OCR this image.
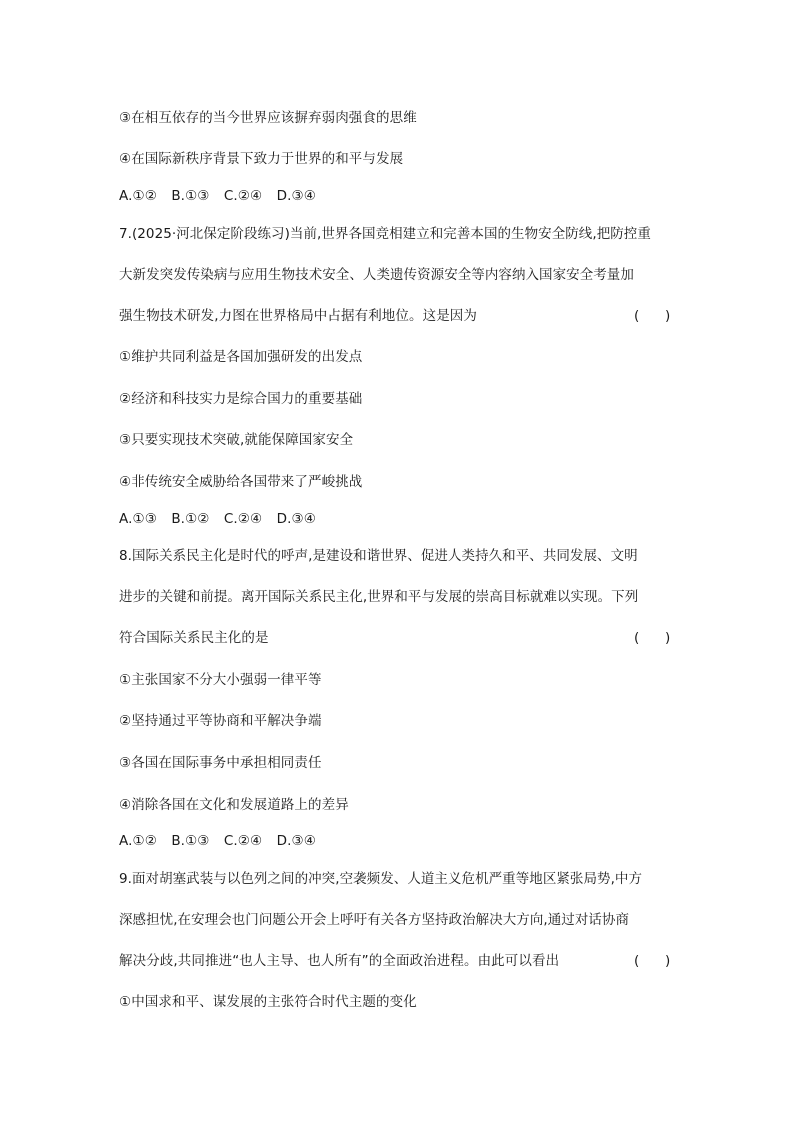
③在相互依存的当今世界应该摒弃弱肉强食的思维
④在国际新秩序背景下致力于世界的和平与发展
A.①② B.①③ C.②④ D.③④
7.(2025·河北保定阶段练习)当前,世界各国竞相建立和完善本国的生物安全防线,把防控重
大新发突发传染病与应用生物技术安全、人类遗传资源安全等内容纳入国家安全考量加
强生物技术研发,力图在世界格局中占据有利地位。这是因为	(      )
①维护共同利益是各国加强研发的出发点
②经济和科技实力是综合国力的重要基础
③只要实现技术突破,就能保障国家安全
④非传统安全威胁给各国带来了严峻挑战
A.①③ B.①② C.②④ D.③④
8.国际关系民主化是时代的呼声,是建设和谐世界、促进人类持久和平、共同发展、文明
进步的关键和前提。离开国际关系民主化,世界和平与发展的崇高目标就难以实现。下列
符合国际关系民主化的是	(      )
①主张国家不分大小强弱一律平等
②坚持通过平等协商和平解决争端
③各国在国际事务中承担相同责任
④消除各国在文化和发展道路上的差异
A.①② B.①③ C.②④ D.③④
9.面对胡塞武装与以色列之间的冲突,空袭频发、人道主义危机严重等地区紧张局势,中方
深感担忧,在安理会也门问题公开会上呼吁有关各方坚持政治解决大方向,通过对话协商
解决分歧,共同推进“也人主导、也人所有”的全面政治进程。由此可以看出	(      )
①中国求和平、谋发展的主张符合时代主题的变化
